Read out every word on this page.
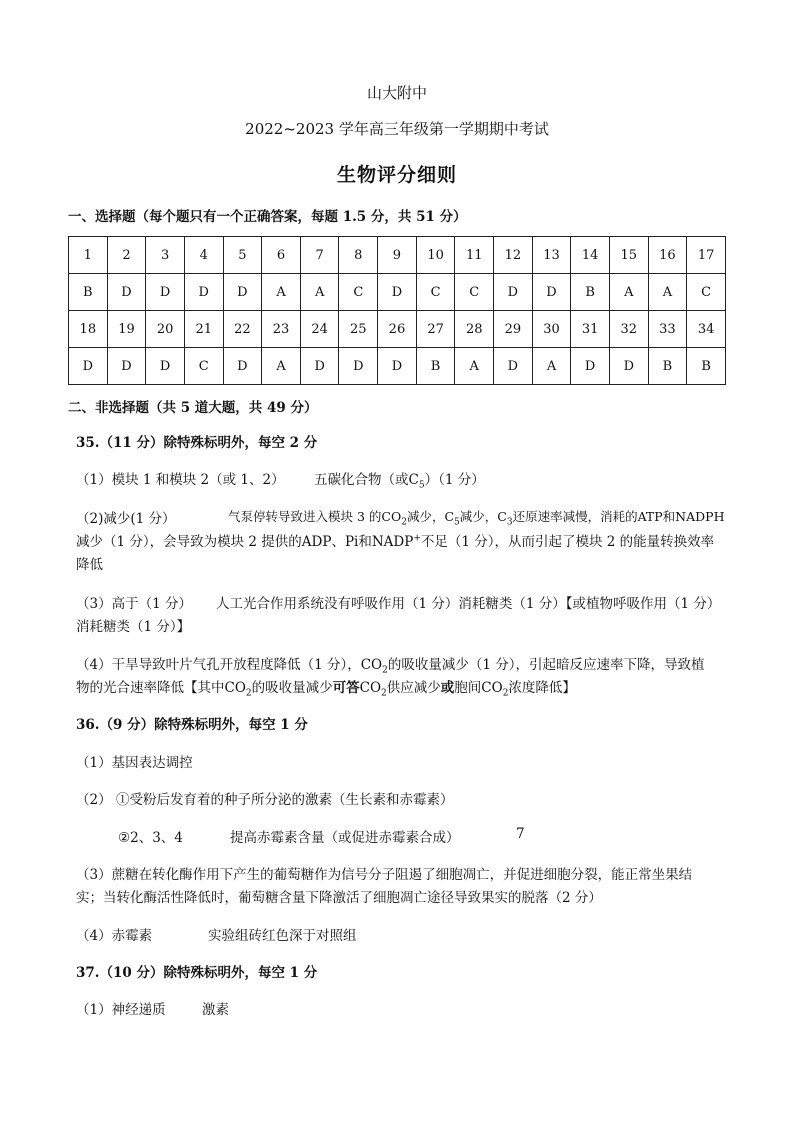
山大附中
2022~2023 学年高三年级第一学期期中考试
生物评分细则
一、选择题（每个题只有一个正确答案，每题 1.5 分，共 51 分）
1	2	3	4	5	6	7	8	9	10	11	12	13	14	15	16	17
B	D	D	D	D	A	A	C	D	C	C	D	D	B	A	A	C
18	19	20	21	22	23	24	25	26	27	28	29	30	31	32	33	34
D	D	D	C	D	A	D	D	D	B	A	D	A	D	D	B	B
二、非选择题（共 5 道大题，共 49 分）
35.（11 分）除特殊标明外，每空 2 分
（1）模块 1 和模块 2（或 1、2） 五碳化合物（或$C_5)(1$ 分）
（2)减少(1 分）	气泵停转导致进入模块 3 的$CO_2$减少，$C_5$减少，$C_3$还原速率减慢，消耗的ATP和NADPH
减少（1 分），会导致为模块 2 提供的ADP、Pi和NADP+不足（1 分），从而引起了模块 2 的能量转换效率
降低
（3）高于（1 分） 人工光合作用系统没有呼吸作用（1 分）消耗糖类（1 分）【或植物呼吸作用（1 分）
消耗糖类（1 分）】
（4）干旱导致叶片气孔开放程度降低（1 分），$CO_2$的吸收量减少（1 分），引起暗反应速率下降，导致植
物的光合速率降低【其中$CO_2$的吸收量减少可答$CO_2$供应减少或胞间$CO_2$浓度降低】
36.（9 分）除特殊标明外，每空 1 分
（1）基因表达调控
（2） ①受粉后发育着的种子所分泌的激素（生长素和赤霉素）
②2、3、4	提高赤霉素含量（或促进赤霉素合成）	7
（3）蔗糖在转化酶作用下产生的葡萄糖作为信号分子阻遏了细胞凋亡，并促进细胞分裂，能正常坐果结
实；当转化酶活性降低时，葡萄糖含量下降激活了细胞凋亡途径导致果实的脱落（2 分）
（4）赤霉素	实验组砖红色深于对照组
37.（10 分）除特殊标明外，每空 1 分
（1）神经递质	激素
